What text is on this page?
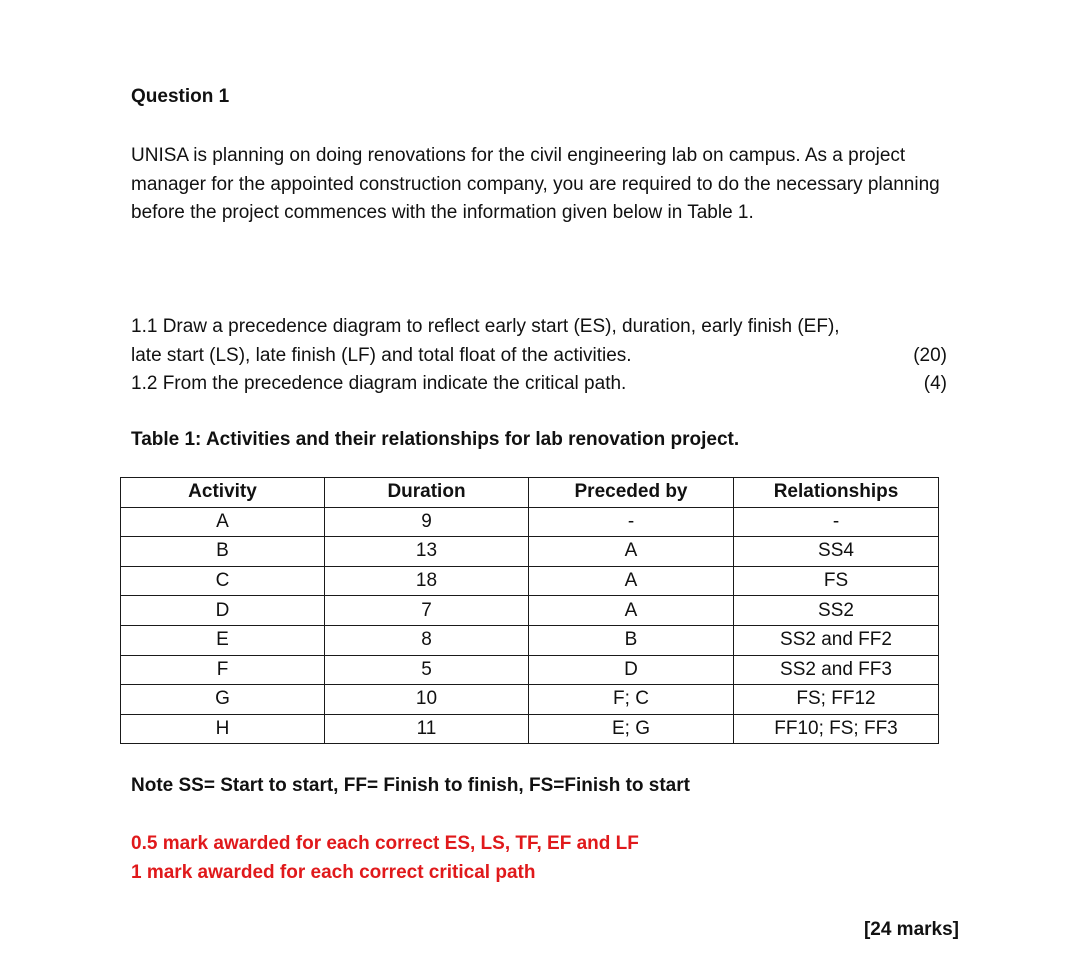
Question 1
UNISA is planning on doing renovations for the civil engineering lab on campus. As a project manager for the appointed construction company, you are required to do the necessary planning before the project commences with the information given below in Table 1.
1.1 Draw a precedence diagram to reflect early start (ES), duration, early finish (EF),
late start (LS), late finish (LF) and total float of the activities.	(20)
1.2 From the precedence diagram indicate the critical path.	(4)
Table 1: Activities and their relationships for lab renovation project.
Activity	Duration	Preceded by	Relationships
A	9	-	-
B	13	A	SS4
C	18	A	FS
D	7	A	SS2
E	8	B	SS2 and FF2
F	5	D	SS2 and FF3
G	10	F; C	FS; FF12
H	11	E; G	FF10; FS; FF3
Note SS= Start to start, FF= Finish to finish, FS=Finish to start
0.5 mark awarded for each correct ES, LS, TF, EF and LF
1 mark awarded for each correct critical path
[24 marks]
